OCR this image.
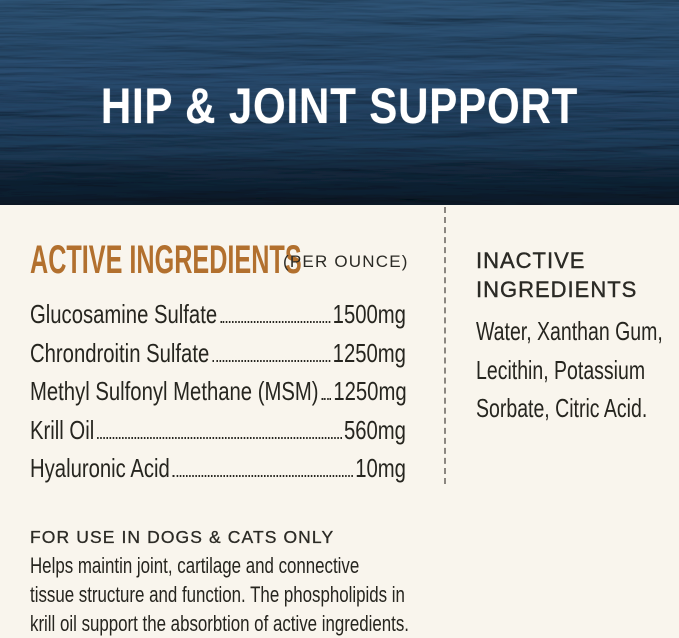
HIP & JOINT SUPPORT
ACTIVE INGREDIENTS
(PER OUNCE)
Glucosamine Sulfate	1500mg
Chrondroitin Sulfate	1250mg
Methyl Sulfonyl Methane (MSM) 1250mg
Krill Oil	560mg
Hyaluronic Acid	10mg
INACTIVE INGREDIENTS
Water, Xanthan Gum,
Lecithin, Potassium
Sorbate, Citric Acid.
FOR USE IN DOGS & CATS ONLY
Helps maintin joint, cartilage and connective
tissue structure and function. The phospholipids in
krill oil support the absorbtion of active ingredients.
